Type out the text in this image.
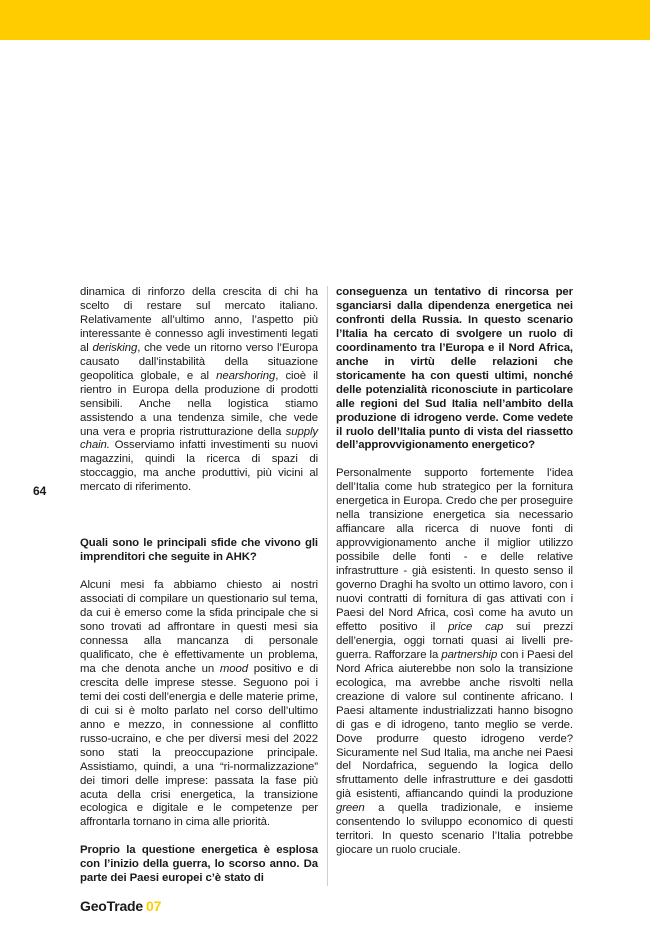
64

dinamica di rinforzo della crescita di chi ha scelto di restare sul mercato italiano. Relativamente all’ultimo anno, l’aspetto più interessante è connesso agli investimenti legati al derisking, che vede un ritorno verso l’Europa causato dall’instabilità della situazione geopolitica globale, e al nearshoring, cioè il rientro in Europa della produzione di prodotti sensibili. Anche nella logistica stiamo assistendo a una tendenza simile, che vede una vera e propria ristrutturazione della supply chain. Osserviamo infatti investimenti su nuovi magazzini, quindi la ricerca di spazi di stoccaggio, ma anche produttivi, più vicini al mercato di riferimento.

Quali sono le principali sfide che vivono gli imprenditori che seguite in AHK?

Alcuni mesi fa abbiamo chiesto ai nostri associati di compilare un questionario sul tema, da cui è emerso come la sfida principale che si sono trovati ad affrontare in questi mesi sia connessa alla mancanza di personale qualificato, che è effettivamente un problema, ma che denota anche un mood positivo e di crescita delle imprese stesse. Seguono poi i temi dei costi dell’energia e delle materie prime, di cui si è molto parlato nel corso dell’ultimo anno e mezzo, in connessione al conflitto russo-ucraino, e che per diversi mesi del 2022 sono stati la preoccupazione principale. Assistiamo, quindi, a una “ri-normalizzazione” dei timori delle imprese: passata la fase più acuta della crisi energetica, la transizione ecologica e digitale e le competenze per affrontarla tornano in cima alle priorità.

Proprio la questione energetica è esplosa con l’inizio della guerra, lo scorso anno. Da parte dei Paesi europei c’è stato di

conseguenza un tentativo di rincorsa per sganciarsi dalla dipendenza energetica nei confronti della Russia. In questo scenario l’Italia ha cercato di svolgere un ruolo di coordinamento tra l’Europa e il Nord Africa, anche in virtù delle relazioni che storicamente ha con questi ultimi, nonché delle potenzialità riconosciute in particolare alle regioni del Sud Italia nell’ambito della produzione di idrogeno verde. Come vedete il ruolo dell’Italia punto di vista del riassetto dell’approvvigionamento energetico?

Personalmente supporto fortemente l’idea dell’Italia come hub strategico per la fornitura energetica in Europa. Credo che per proseguire nella transizione energetica sia necessario affiancare alla ricerca di nuove fonti di approvvigionamento anche il miglior utilizzo possibile delle fonti - e delle relative infrastrutture - già esistenti. In questo senso il governo Draghi ha svolto un ottimo lavoro, con i nuovi contratti di fornitura di gas attivati con i Paesi del Nord Africa, così come ha avuto un effetto positivo il price cap sui prezzi dell’energia, oggi tornati quasi ai livelli pre-guerra. Rafforzare la partnership con i Paesi del Nord Africa aiuterebbe non solo la transizione ecologica, ma avrebbe anche risvolti nella creazione di valore sul continente africano. I Paesi altamente industrializzati hanno bisogno di gas e di idrogeno, tanto meglio se verde. Dove produrre questo idrogeno verde? Sicuramente nel Sud Italia, ma anche nei Paesi del Nordafrica, seguendo la logica dello sfruttamento delle infrastrutture e dei gasdotti già esistenti, affiancando quindi la produzione green a quella tradizionale, e insieme consentendo lo sviluppo economico di questi territori. In questo scenario l’Italia potrebbe giocare un ruolo cruciale.

GeoTrade 07
